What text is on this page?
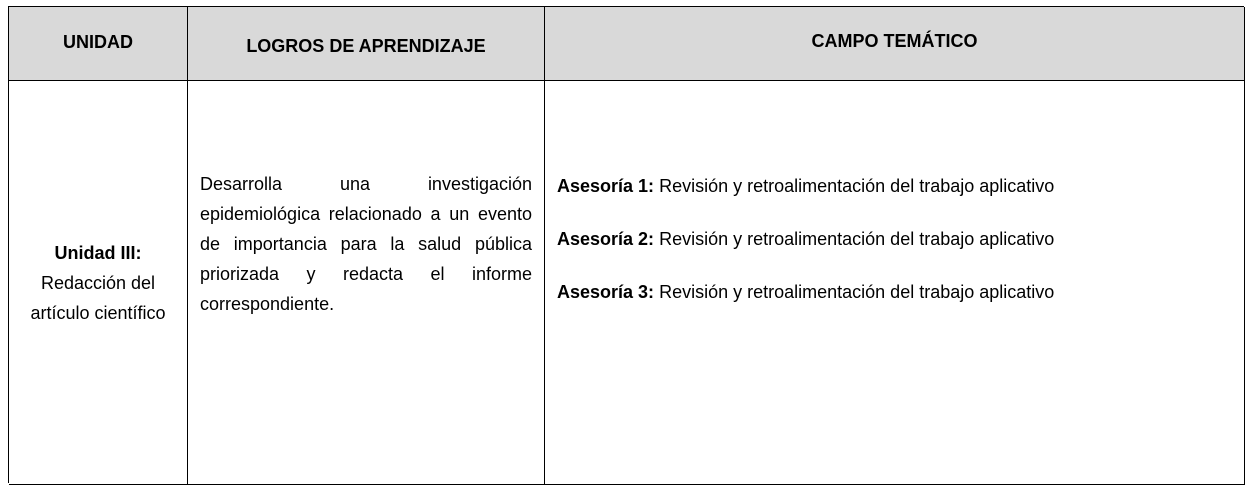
UNIDAD	LOGROS DE APRENDIZAJE	CAMPO TEMÁTICO
Unidad III:
Redacción del artículo científico
Desarrolla una investigación epidemiológica relacionado a un evento de importancia para la salud pública priorizada y redacta el informe correspondiente.
Asesoría 1: Revisión y retroalimentación del trabajo aplicativo
Asesoría 2: Revisión y retroalimentación del trabajo aplicativo
Asesoría 3: Revisión y retroalimentación del trabajo aplicativo
